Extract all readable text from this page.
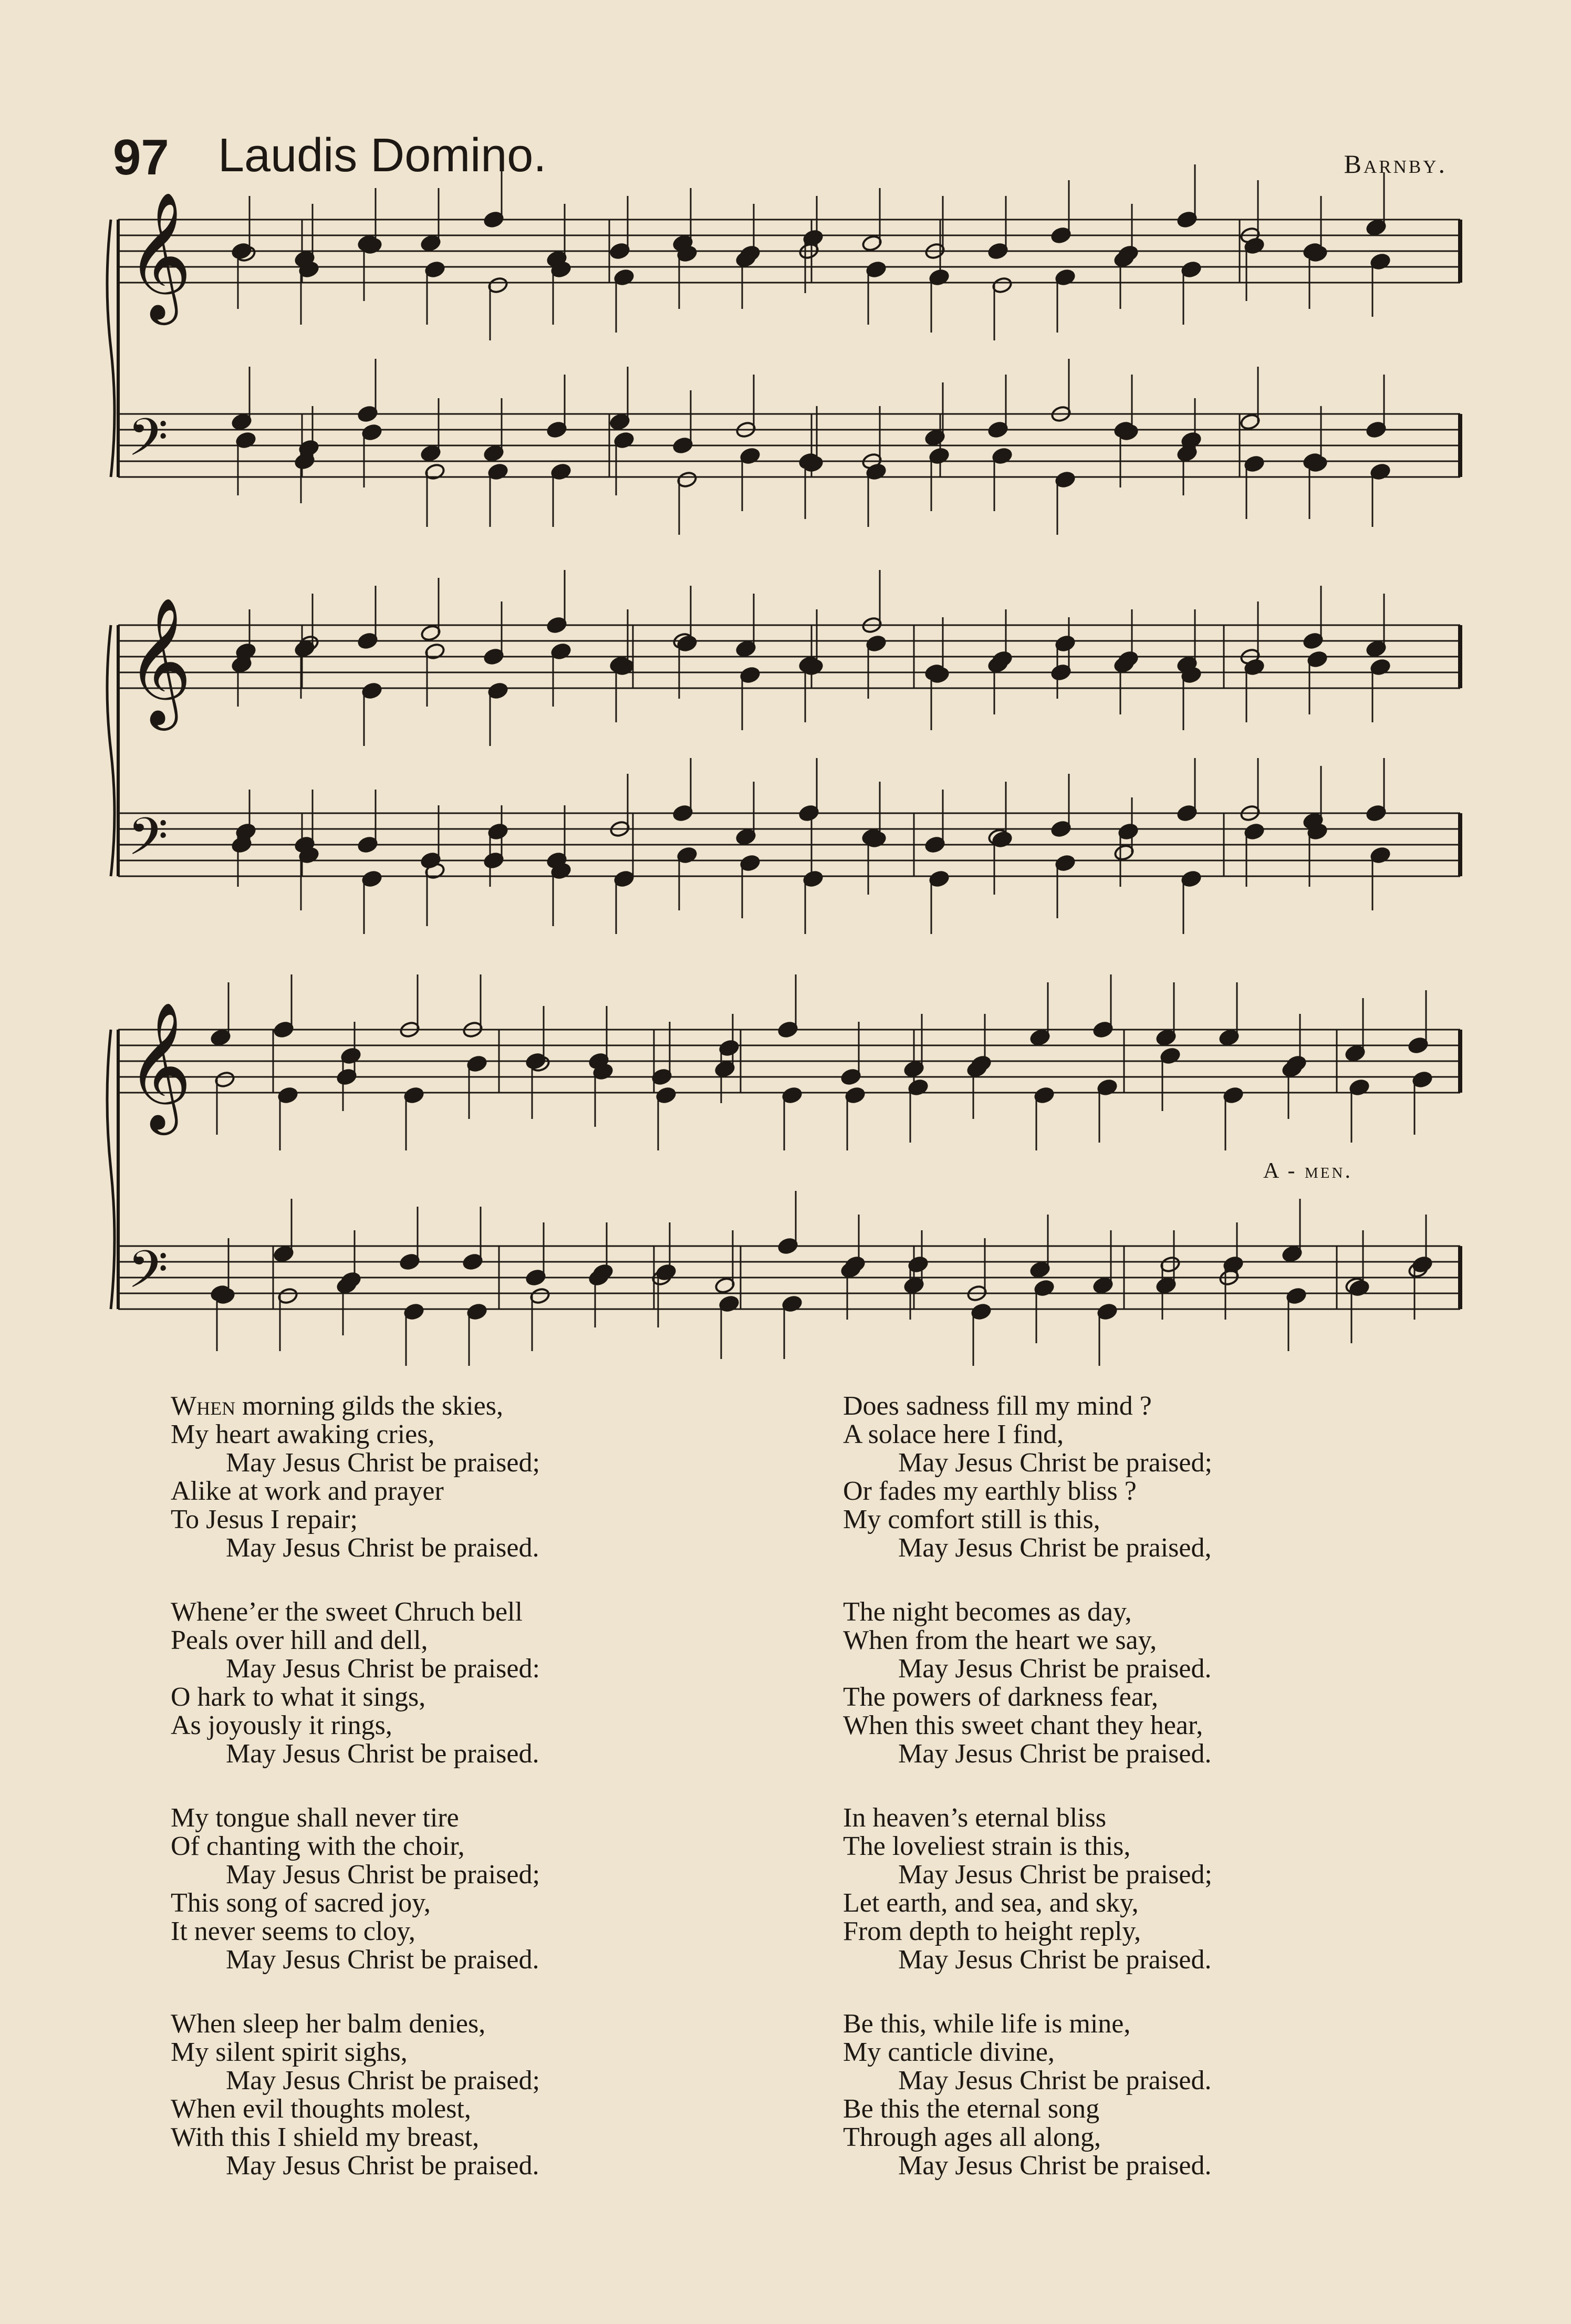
97 Laudis Domino.	Barnby.
𝄞
𝄢
𝄞
𝄢
𝄞
𝄢
A - men.
When morning gilds the skies,
My heart awaking cries,
May Jesus Christ be praised;
Alike at work and prayer
To Jesus I repair;
May Jesus Christ be praised.
Whene’er the sweet Chruch bell
Peals over hill and dell,
May Jesus Christ be praised:
O hark to what it sings,
As joyously it rings,
May Jesus Christ be praised.
My tongue shall never tire
Of chanting with the choir,
May Jesus Christ be praised;
This song of sacred joy,
It never seems to cloy,
May Jesus Christ be praised.
When sleep her balm denies,
My silent spirit sighs,
May Jesus Christ be praised;
When evil thoughts molest,
With this I shield my breast,
May Jesus Christ be praised.
Does sadness fill my mind ?
A solace here I find,
May Jesus Christ be praised;
Or fades my earthly bliss ?
My comfort still is this,
May Jesus Christ be praised,
The night becomes as day,
When from the heart we say,
May Jesus Christ be praised.
The powers of darkness fear,
When this sweet chant they hear,
May Jesus Christ be praised.
In heaven’s eternal bliss
The loveliest strain is this,
May Jesus Christ be praised;
Let earth, and sea, and sky,
From depth to height reply,
May Jesus Christ be praised.
Be this, while life is mine,
My canticle divine,
May Jesus Christ be praised.
Be this the eternal song
Through ages all along,
May Jesus Christ be praised.
